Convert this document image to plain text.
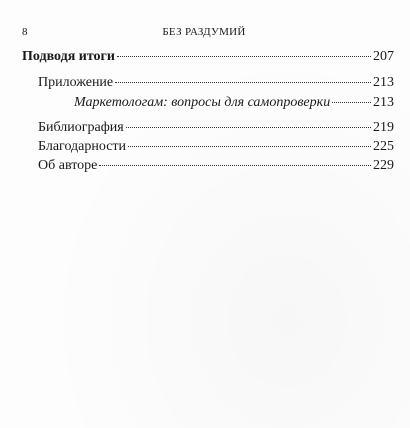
8	БЕЗ РАЗДУМИЙ
Подводя итоги	207
Приложение	213
Маркетологам: вопросы для самопроверки	213
Библиография	219
Благодарности	225
Об авторе	229
